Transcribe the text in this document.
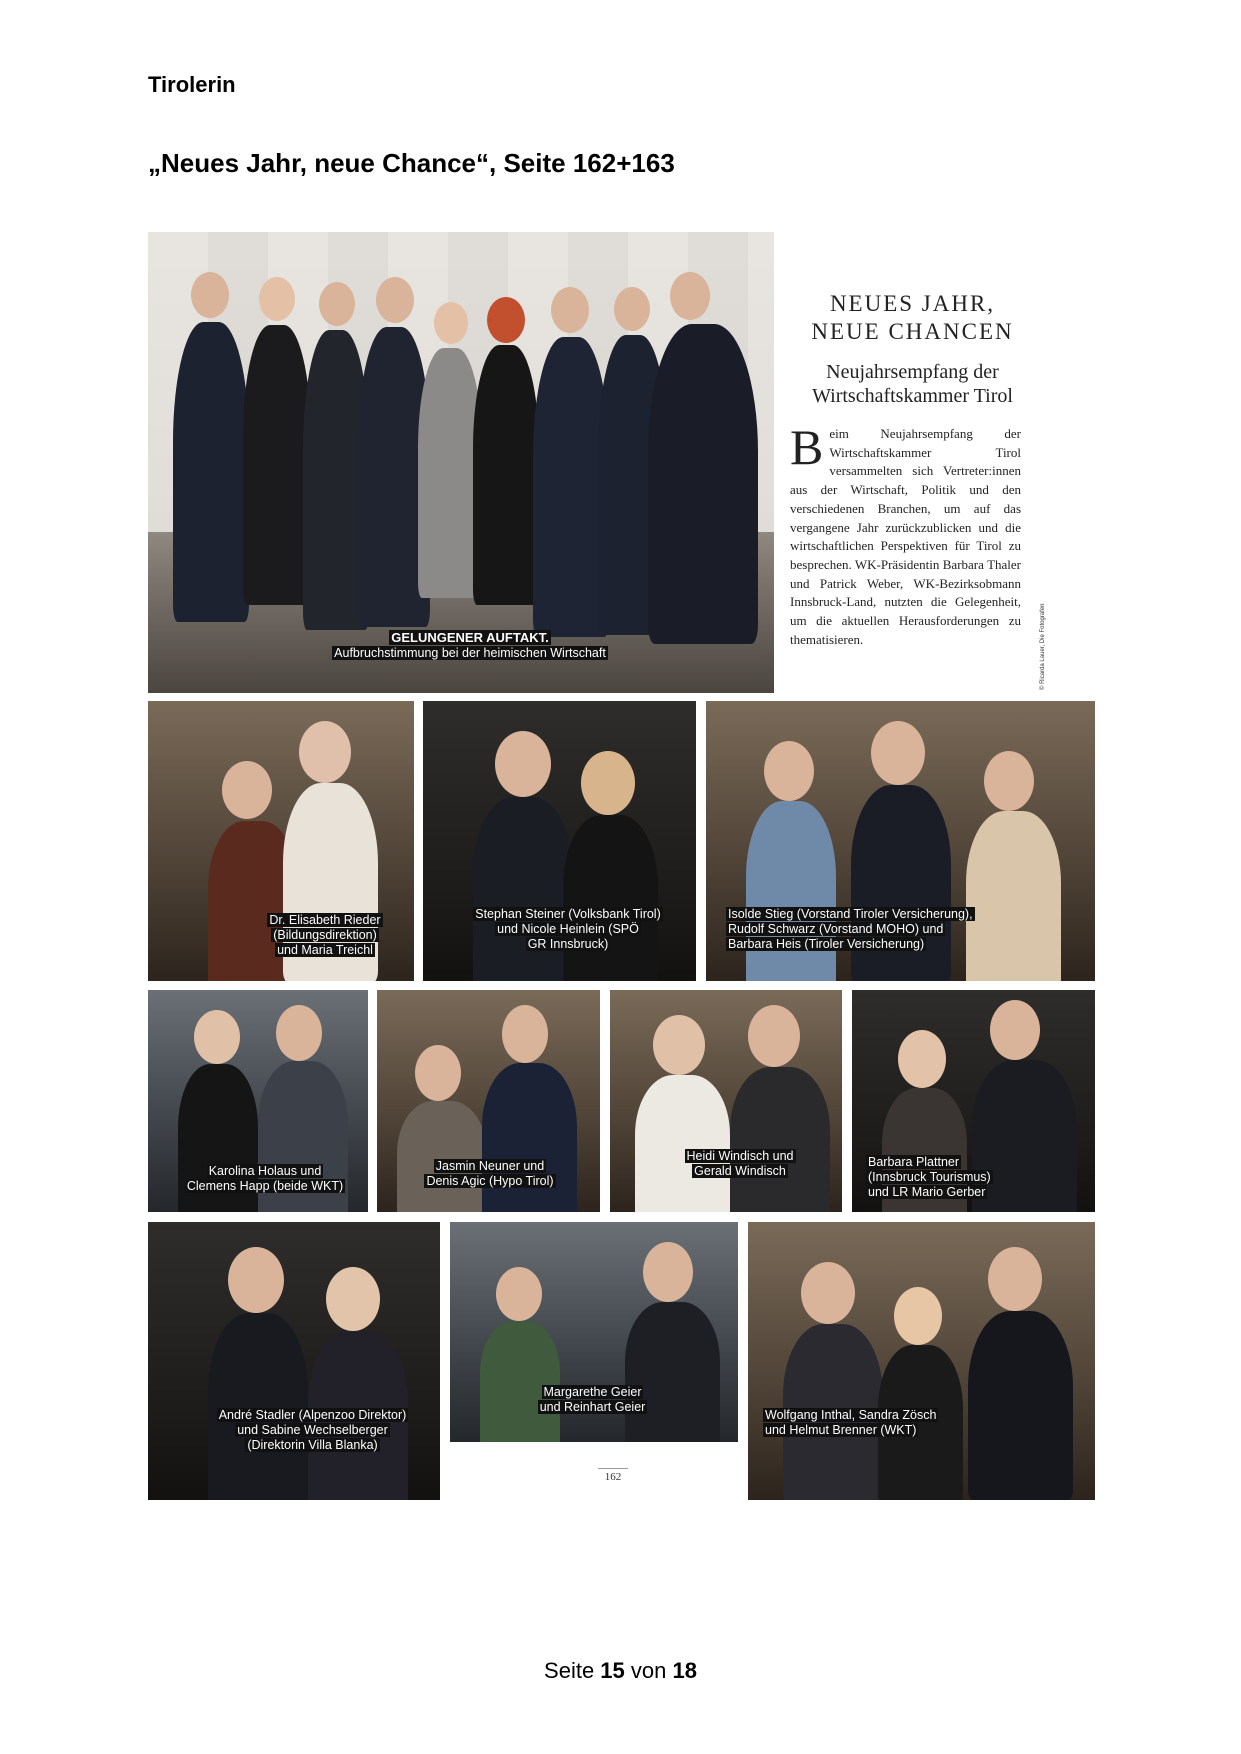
Tirolerin
„Neues Jahr, neue Chance“, Seite 162+163
GELUNGENER AUFTAKT.
Aufbruchstimmung bei der heimischen Wirtschaft
NEUES JAHR,
NEUE CHANCEN
Neujahrsempfang der
Wirtschaftskammer Tirol
Beim Neujahrsempfang der Wirtschaftskammer Tirol versammelten sich Vertreter:innen aus der Wirtschaft, Politik und den verschiedenen Branchen, um auf das vergangene Jahr zurückzublicken und die wirtschaftlichen Perspektiven für Tirol zu besprechen. WK-Präsidentin Barbara Thaler und Patrick Weber, WK-Bezirksobmann Innsbruck-Land, nutzten die Gelegenheit, um die aktuellen Herausforderungen zu thematisieren.	© Ricarda Lauer, Die Fotografen
Dr. Elisabeth Rieder
(Bildungsdirektion)
und Maria Treichl
Stephan Steiner (Volksbank Tirol)
und Nicole Heinlein (SPÖ
GR Innsbruck)
Isolde Stieg (Vorstand Tiroler Versicherung),
Rudolf Schwarz (Vorstand MOHO) und
Barbara Heis (Tiroler Versicherung)
Karolina Holaus und
Clemens Happ (beide WKT)
Jasmin Neuner und
Denis Agic (Hypo Tirol)
Heidi Windisch und
Gerald Windisch
Barbara Plattner
(Innsbruck Tourismus)
und LR Mario Gerber
André Stadler (Alpenzoo Direktor)
und Sabine Wechselberger
(Direktorin Villa Blanka)
Margarethe Geier
und Reinhart Geier
162
Wolfgang Inthal, Sandra Zösch
und Helmut Brenner (WKT)
Seite 15 von 18
